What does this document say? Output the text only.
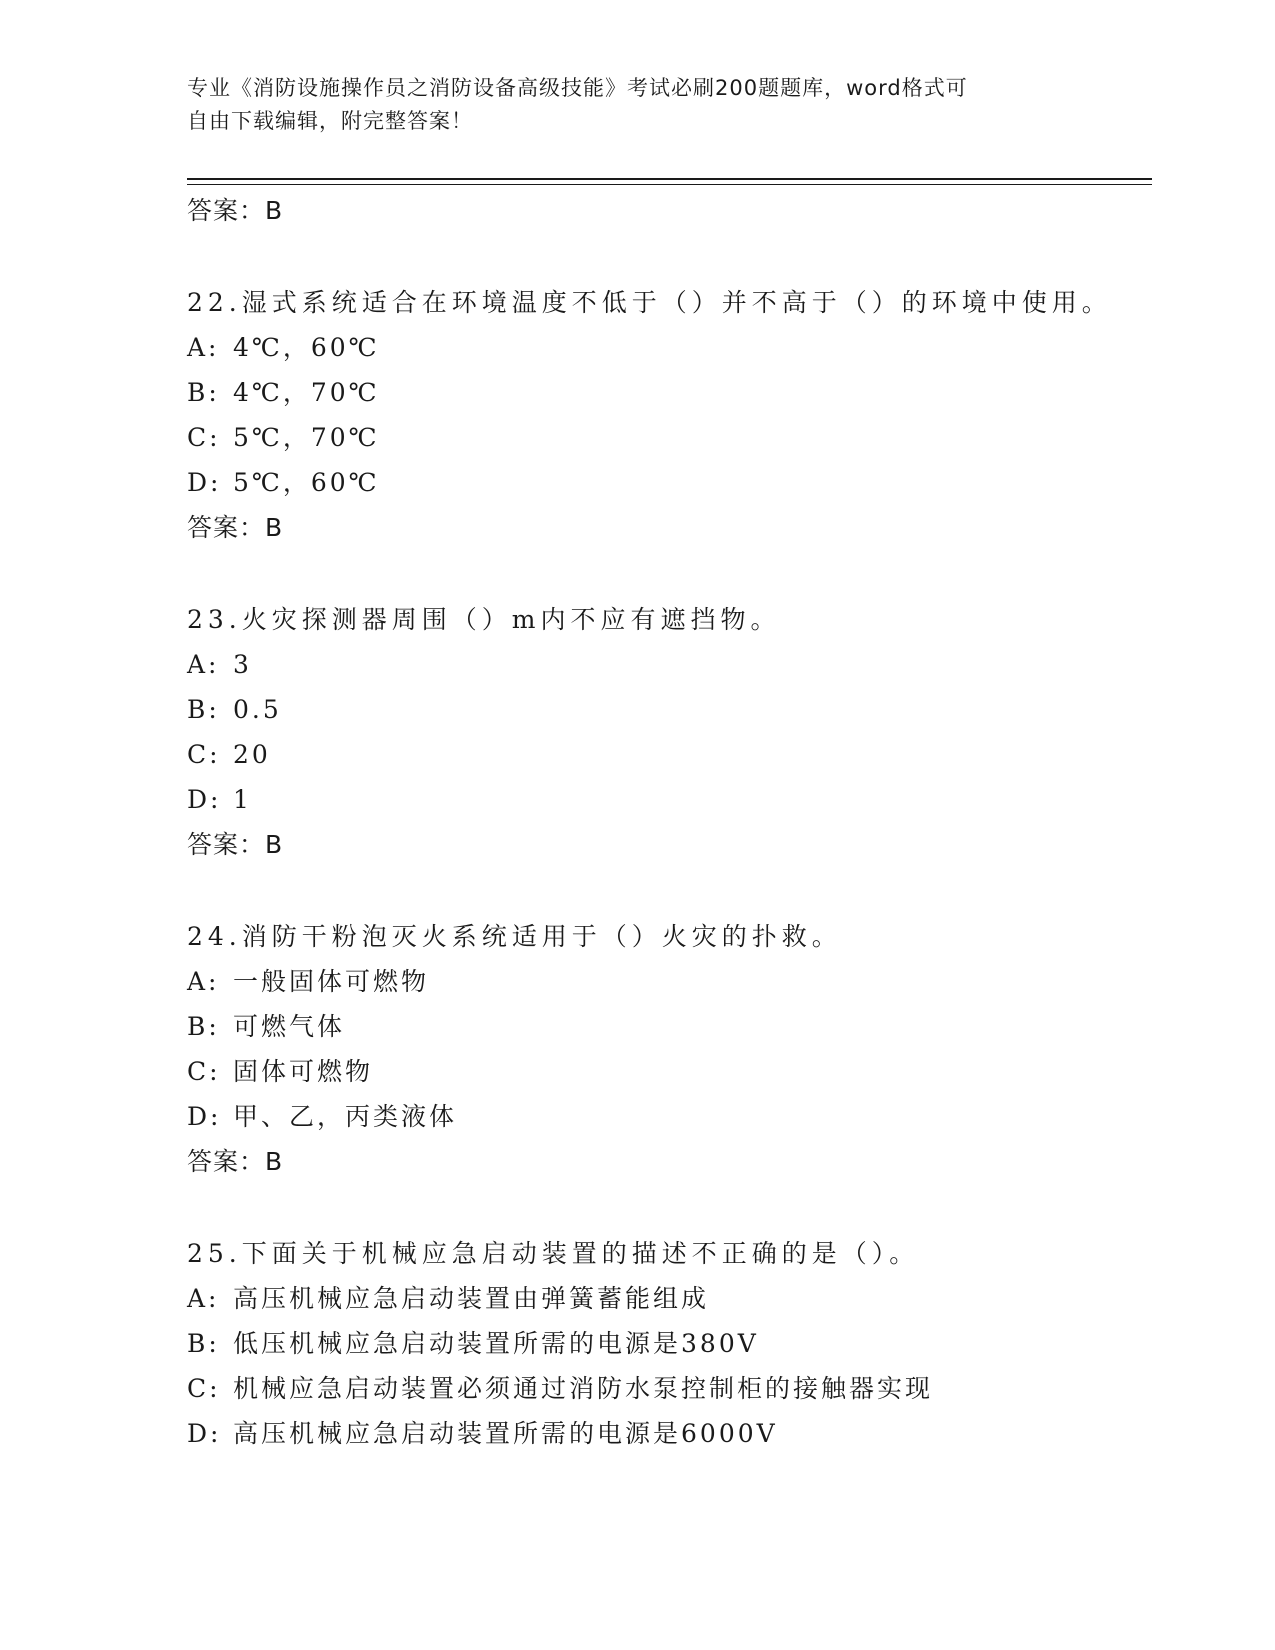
专业《消防设施操作员之消防设备高级技能》考试必刷200题题库，word格式可
自由下载编辑，附完整答案！
答案：B
22.湿式系统适合在环境温度不低于（）并不高于（）的环境中使用。
A: 4℃，60℃
B: 4℃，70℃
C: 5℃，70℃
D: 5℃，60℃
答案：B
23.火灾探测器周围（）m内不应有遮挡物。
A: 3
B: 0.5
C: 20
D: 1
答案：B
24.消防干粉泡灭火系统适用于（）火灾的扑救。
A: 一般固体可燃物
B: 可燃气体
C: 固体可燃物
D: 甲、乙，丙类液体
答案：B
25.下面关于机械应急启动装置的描述不正确的是（）。
A: 高压机械应急启动装置由弹簧蓄能组成
B: 低压机械应急启动装置所需的电源是380V
C: 机械应急启动装置必须通过消防水泵控制柜的接触器实现
D: 高压机械应急启动装置所需的电源是6000V
